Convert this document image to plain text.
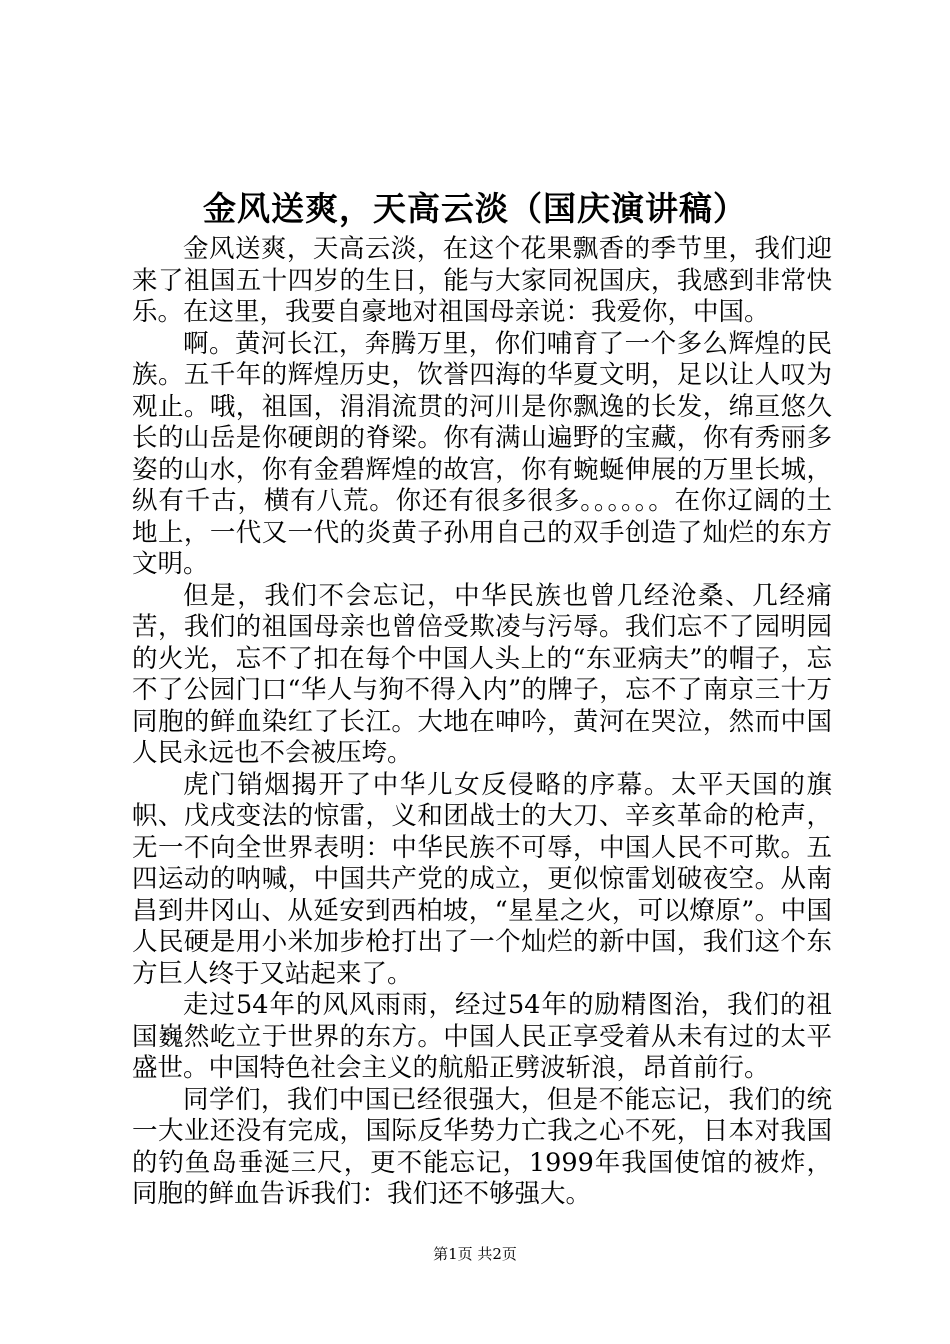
金风送爽，天高云淡（国庆演讲稿）

金风送爽，天高云淡，在这个花果飘香的季节里，我们迎来了祖国五十四岁的生日，能与大家同祝国庆，我感到非常快乐。在这里，我要自豪地对祖国母亲说：我爱你，中国。

啊。黄河长江，奔腾万里，你们哺育了一个多么辉煌的民族。五千年的辉煌历史，饮誉四海的华夏文明，足以让人叹为观止。哦，祖国，涓涓流贯的河川是你飘逸的长发，绵亘悠久长的山岳是你硬朗的脊梁。你有满山遍野的宝藏，你有秀丽多姿的山水，你有金碧辉煌的故宫，你有蜿蜒伸展的万里长城，纵有千古，横有八荒。你还有很多很多。。。。。。在你辽阔的土地上，一代又一代的炎黄子孙用自己的双手创造了灿烂的东方文明。

但是，我们不会忘记，中华民族也曾几经沧桑、几经痛苦，我们的祖国母亲也曾倍受欺凌与污辱。我们忘不了园明园的火光，忘不了扣在每个中国人头上的“东亚病夫”的帽子，忘不了公园门口“华人与狗不得入内”的牌子，忘不了南京三十万同胞的鲜血染红了长江。大地在呻吟，黄河在哭泣，然而中国人民永远也不会被压垮。

虎门销烟揭开了中华儿女反侵略的序幕。太平天国的旗帜、戊戌变法的惊雷，义和团战士的大刀、辛亥革命的枪声，无一不向全世界表明：中华民族不可辱，中国人民不可欺。五四运动的呐喊，中国共产党的成立，更似惊雷划破夜空。从南昌到井冈山、从延安到西柏坡，“星星之火，可以燎原”。中国人民硬是用小米加步枪打出了一个灿烂的新中国，我们这个东方巨人终于又站起来了。

走过54年的风风雨雨，经过54年的励精图治，我们的祖国巍然屹立于世界的东方。中国人民正享受着从未有过的太平盛世。中国特色社会主义的航船正劈波斩浪，昂首前行。

同学们，我们中国已经很强大，但是不能忘记，我们的统一大业还没有完成，国际反华势力亡我之心不死，日本对我国的钓鱼岛垂涎三尺，更不能忘记，1999年我国使馆的被炸，同胞的鲜血告诉我们：我们还不够强大。

第1页 共2页
